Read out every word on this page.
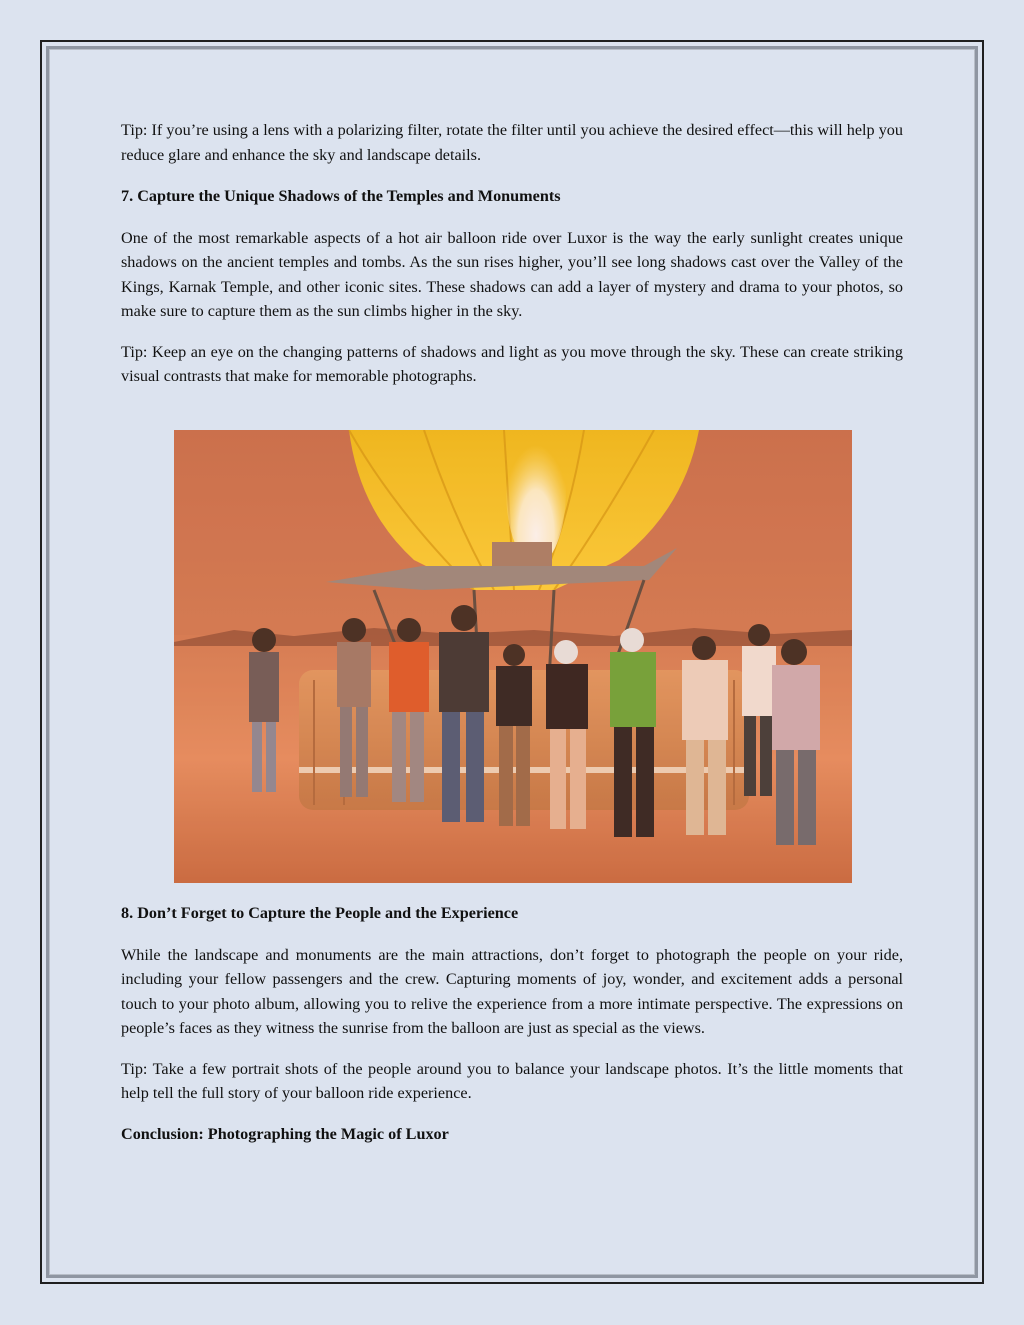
Tip: If you’re using a lens with a polarizing filter, rotate the filter until you achieve the desired effect—this will help you reduce glare and enhance the sky and landscape details.

7. Capture the Unique Shadows of the Temples and Monuments

One of the most remarkable aspects of a hot air balloon ride over Luxor is the way the early sunlight creates unique shadows on the ancient temples and tombs. As the sun rises higher, you’ll see long shadows cast over the Valley of the Kings, Karnak Temple, and other iconic sites. These shadows can add a layer of mystery and drama to your photos, so make sure to capture them as the sun climbs higher in the sky.

Tip: Keep an eye on the changing patterns of shadows and light as you move through the sky. These can create striking visual contrasts that make for memorable photographs.

8. Don’t Forget to Capture the People and the Experience

While the landscape and monuments are the main attractions, don’t forget to photograph the people on your ride, including your fellow passengers and the crew. Capturing moments of joy, wonder, and excitement adds a personal touch to your photo album, allowing you to relive the experience from a more intimate perspective. The expressions on people’s faces as they witness the sunrise from the balloon are just as special as the views.

Tip: Take a few portrait shots of the people around you to balance your landscape photos. It’s the little moments that help tell the full story of your balloon ride experience.

Conclusion: Photographing the Magic of Luxor
